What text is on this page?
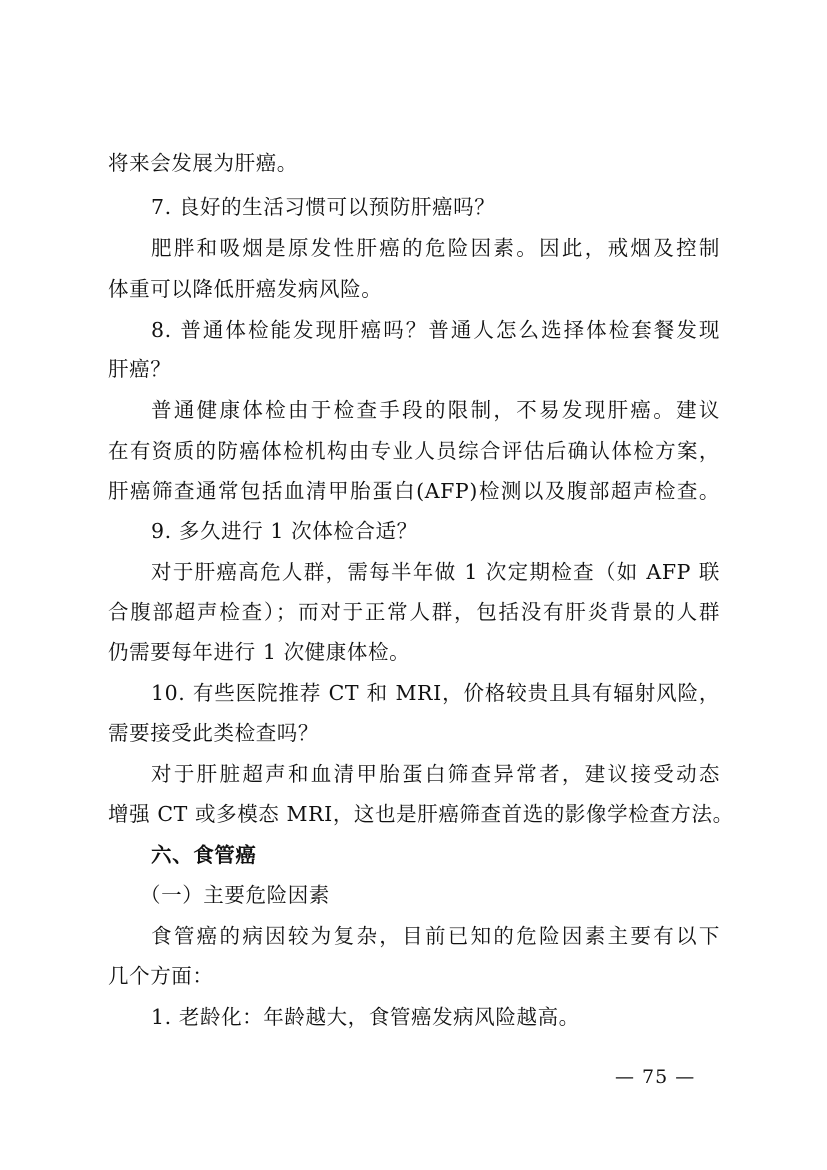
将来会发展为肝癌。
7. 良好的生活习惯可以预防肝癌吗？
肥胖和吸烟是原发性肝癌的危险因素。因此，戒烟及控制
体重可以降低肝癌发病风险。
8. 普通体检能发现肝癌吗？普通人怎么选择体检套餐发现
肝癌？
普通健康体检由于检查手段的限制，不易发现肝癌。建议
在有资质的防癌体检机构由专业人员综合评估后确认体检方案，
肝癌筛查通常包括血清甲胎蛋白(AFP)检测以及腹部超声检查。
9. 多久进行 1 次体检合适？
对于肝癌高危人群，需每半年做 1 次定期检查（如 AFP 联
合腹部超声检查）；而对于正常人群，包括没有肝炎背景的人群
仍需要每年进行 1 次健康体检。
10. 有些医院推荐 CT 和 MRI，价格较贵且具有辐射风险，
需要接受此类检查吗？
对于肝脏超声和血清甲胎蛋白筛查异常者，建议接受动态
增强 CT 或多模态 MRI，这也是肝癌筛查首选的影像学检查方法。
六、食管癌
（一）主要危险因素
食管癌的病因较为复杂，目前已知的危险因素主要有以下
几个方面：
1. 老龄化：年龄越大，食管癌发病风险越高。
— 75 —
